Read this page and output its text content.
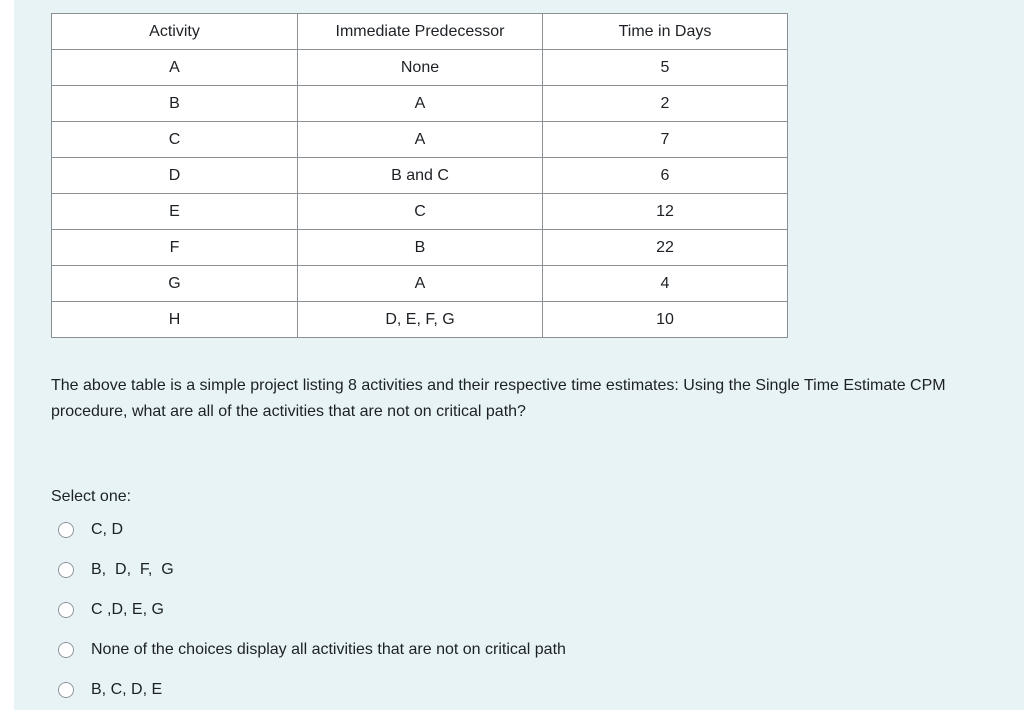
Activity	Immediate Predecessor	Time in Days
A	None	5
B	A	2
C	A	7
D	B and C	6
E	C	12
F	B	22
G	A	4
H	D, E, F, G	10

The above table is a simple project listing 8 activities and their respective time estimates: Using the Single Time Estimate CPM procedure, what are all of the activities that are not on critical path?

Select one:

C, D
B,  D,  F,  G
C ,D, E, G
None of the choices display all activities that are not on critical path
B, C, D, E
